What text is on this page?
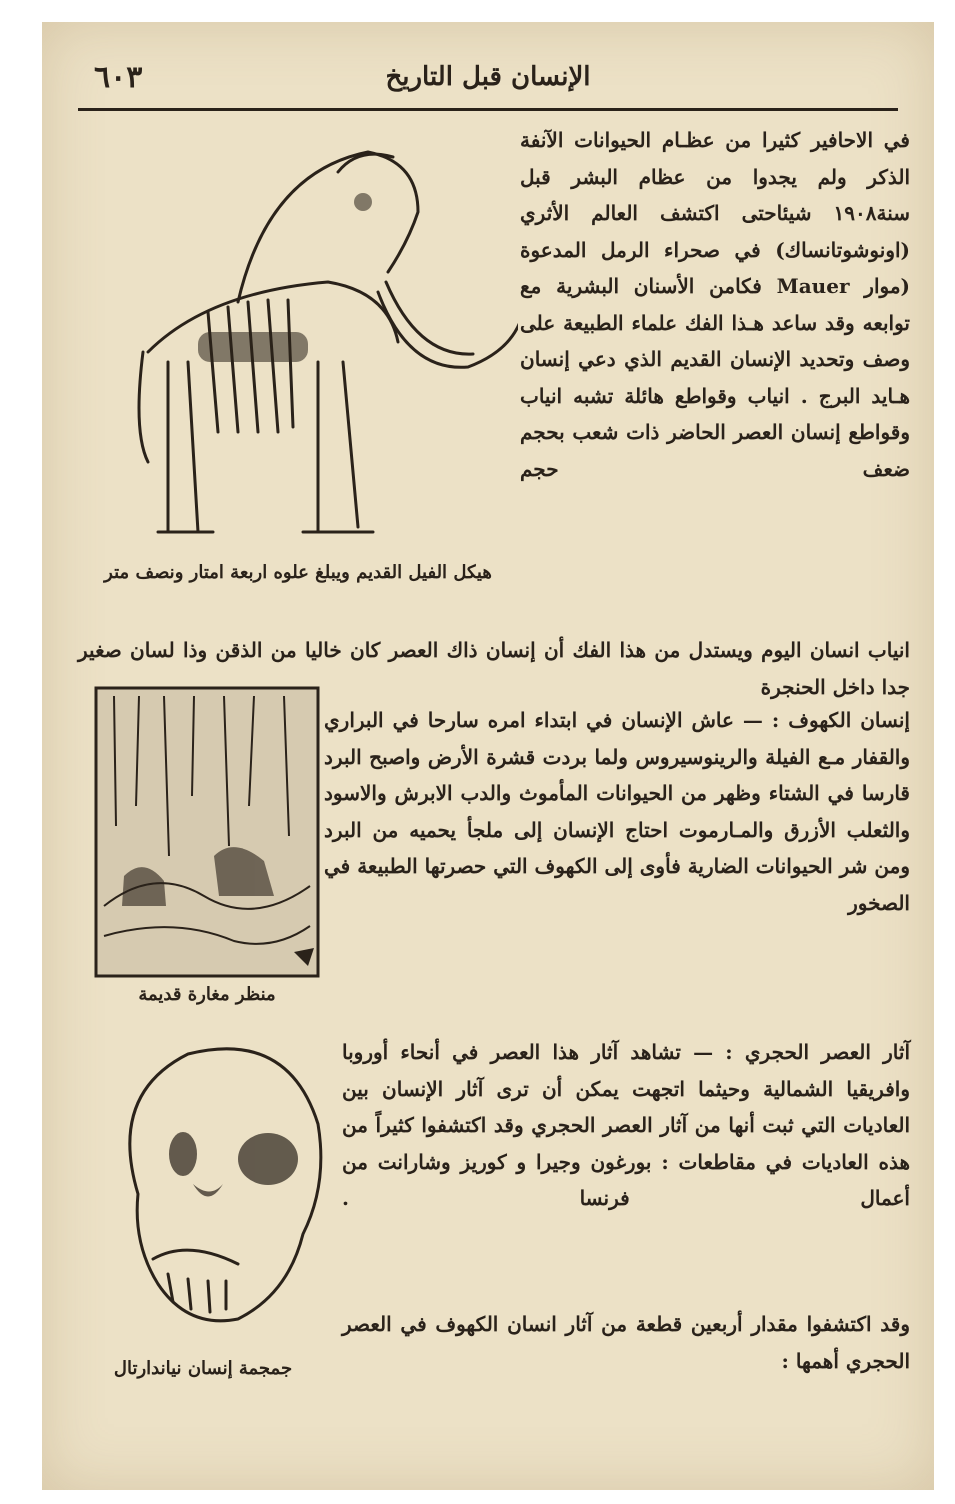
٦٠٣	الإنسان قبل التاريخ
هيكل الفيل القديم ويبلغ علوه اربعة امتار ونصف متر

في الاحافير كثيرا من عظـام الحيوانات الآنفة الذكر ولم يجدوا من عظام البشر قبل سنة١٩٠٨ شيئاحتى اكتشف العالم الأثري (اونوشوتانساك) في صحراء الرمل المدعوة (موار Mauer فكامن الأسنان البشرية مع توابعه وقد ساعد هـذا الفك علماء الطبيعة على وصف وتحديد الإنسان القديم الذي دعي إنسان هـايد البرج . انياب وقواطع هائلة تشبه انياب وقواطع إنسان العصر الحاضر ذات شعب بحجم ضعف حجم

انياب انسان اليوم ويستدل من هذا الفك أن إنسان ذاك العصر كان خاليا من الذقن وذا لسان صغير جدا داخل الحنجرة

منظر مغارة قديمة

إنسان الكهوف : — عاش الإنسان في ابتداء امره سارحا في البراري والقفار مـع الفيلة والرينوسيروس ولما بردت قشرة الأرض واصبح البرد قارسا في الشتاء وظهر من الحيوانات المأموث والدب الابرش والاسود والثعلب الأزرق والمـارموت احتاج الإنسان إلى ملجأ يحميه من البرد ومن شر الحيوانات الضارية فأوى إلى الكهوف التي حصرتها الطبيعة في الصخور

جمجمة إنسان نياندارتال

آثار العصر الحجري : — تشاهد آثار هذا العصر في أنحاء أوروبا وافريقيا الشمالية وحيثما اتجهت يمكن أن ترى آثار الإنسان بين العاديات التي ثبت أنها من آثار العصر الحجري وقد اكتشفوا كثيراً من هذه العاديات في مقاطعات : بورغون وجيرا و كوريز وشارانت من أعمال فرنسا .

وقد اكتشفوا مقدار أربعين قطعة من آثار انسان الكهوف في العصر الحجري أهمها :
